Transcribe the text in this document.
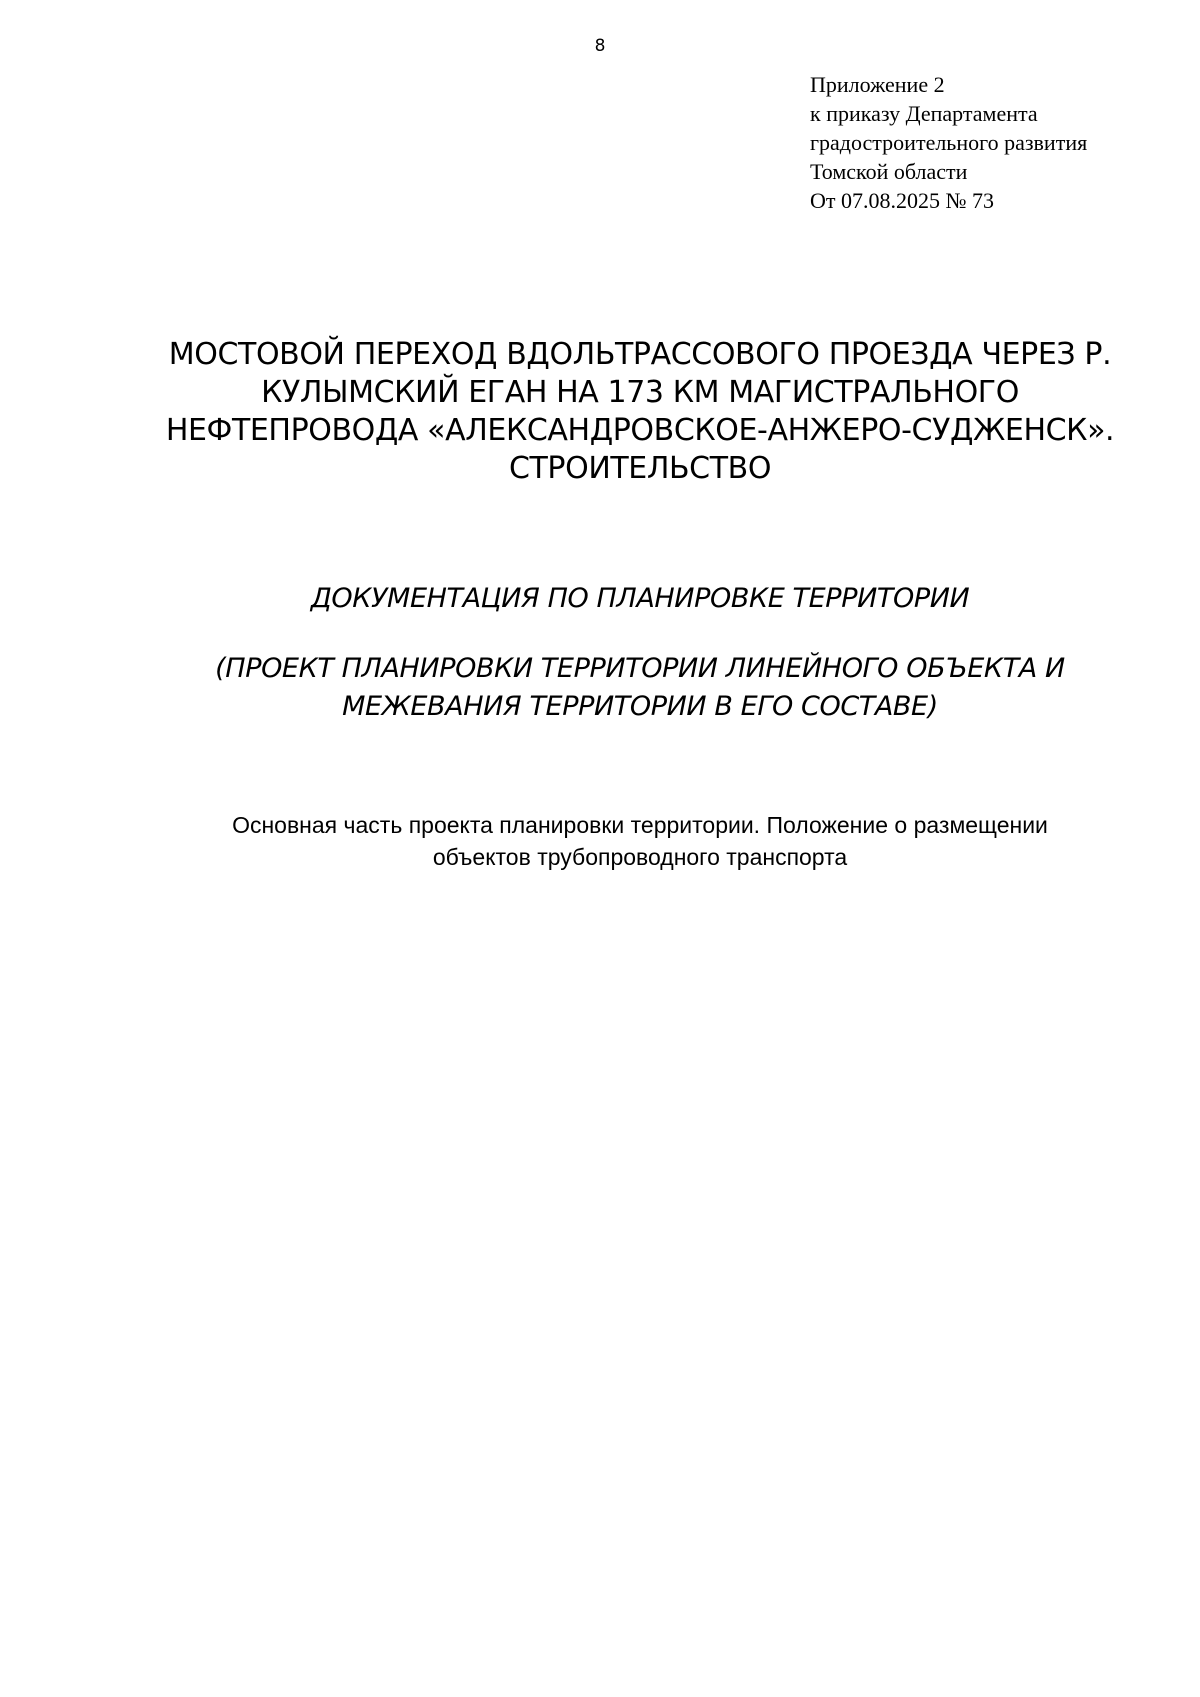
8
Приложение 2
к приказу Департамента
градостроительного развития
Томской области
От 07.08.2025 № 73
МОСТОВОЙ ПЕРЕХОД ВДОЛЬТРАССОВОГО ПРОЕЗДА ЧЕРЕЗ Р.
КУЛЫМСКИЙ ЕГАН НА 173 КМ МАГИСТРАЛЬНОГО
НЕФТЕПРОВОДА «АЛЕКСАНДРОВСКОЕ-АНЖЕРО-СУДЖЕНСК».
СТРОИТЕЛЬСТВО
ДОКУМЕНТАЦИЯ ПО ПЛАНИРОВКЕ ТЕРРИТОРИИ
(ПРОЕКТ ПЛАНИРОВКИ ТЕРРИТОРИИ ЛИНЕЙНОГО ОБЪЕКТА И
МЕЖЕВАНИЯ ТЕРРИТОРИИ В ЕГО СОСТАВЕ)
Основная часть проекта планировки территории. Положение о размещении
объектов трубопроводного транспорта
